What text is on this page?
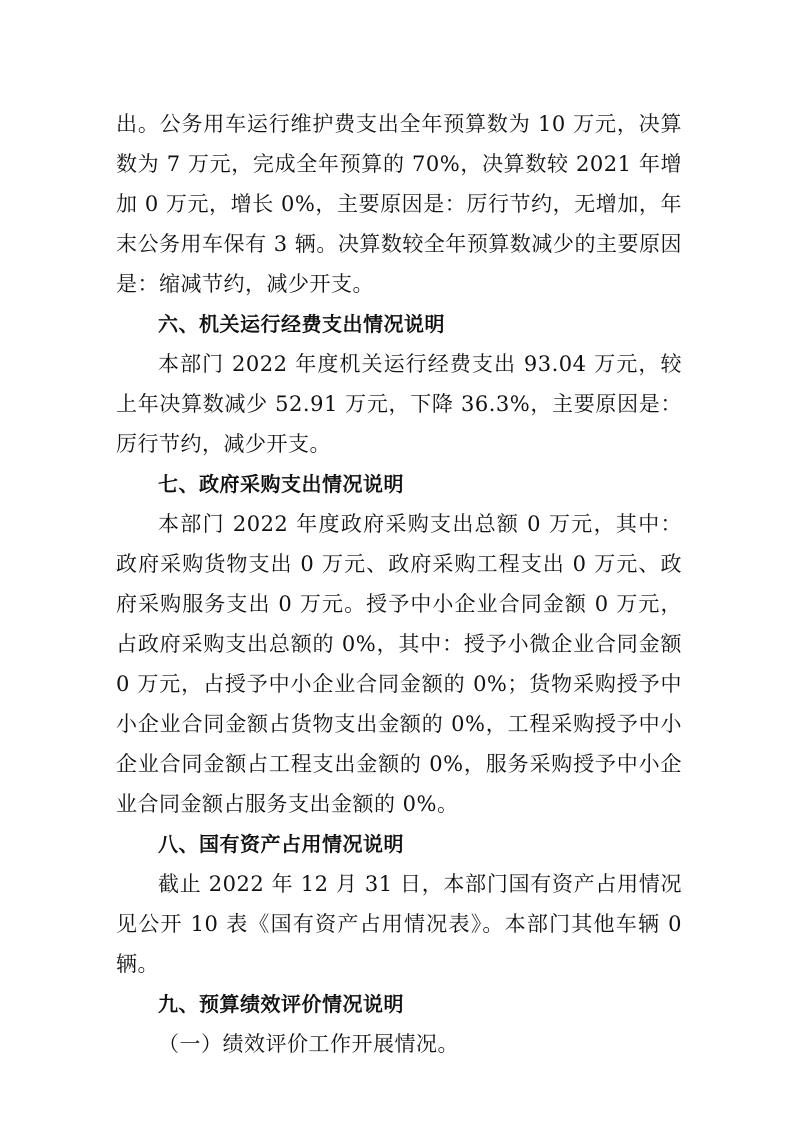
出。公务用车运行维护费支出全年预算数为 10 万元，决算数为 7 万元，完成全年预算的 70%，决算数较 2021 年增加 0 万元，增长 0%，主要原因是：厉行节约，无增加，年末公务用车保有 3 辆。决算数较全年预算数减少的主要原因是：缩减节约，减少开支。

六、机关运行经费支出情况说明

本部门 2022 年度机关运行经费支出 93.04 万元，较上年决算数减少 52.91 万元，下降 36.3%，主要原因是：厉行节约，减少开支。

七、政府采购支出情况说明

本部门 2022 年度政府采购支出总额 0 万元，其中：政府采购货物支出 0 万元、政府采购工程支出 0 万元、政府采购服务支出 0 万元。授予中小企业合同金额 0 万元，占政府采购支出总额的 0%，其中：授予小微企业合同金额 0 万元，占授予中小企业合同金额的 0%；货物采购授予中小企业合同金额占货物支出金额的 0%，工程采购授予中小企业合同金额占工程支出金额的 0%，服务采购授予中小企业合同金额占服务支出金额的 0%。

八、国有资产占用情况说明

截止 2022 年 12 月 31 日，本部门国有资产占用情况见公开 10 表《国有资产占用情况表》。本部门其他车辆 0 辆。

九、预算绩效评价情况说明

（一）绩效评价工作开展情况。
